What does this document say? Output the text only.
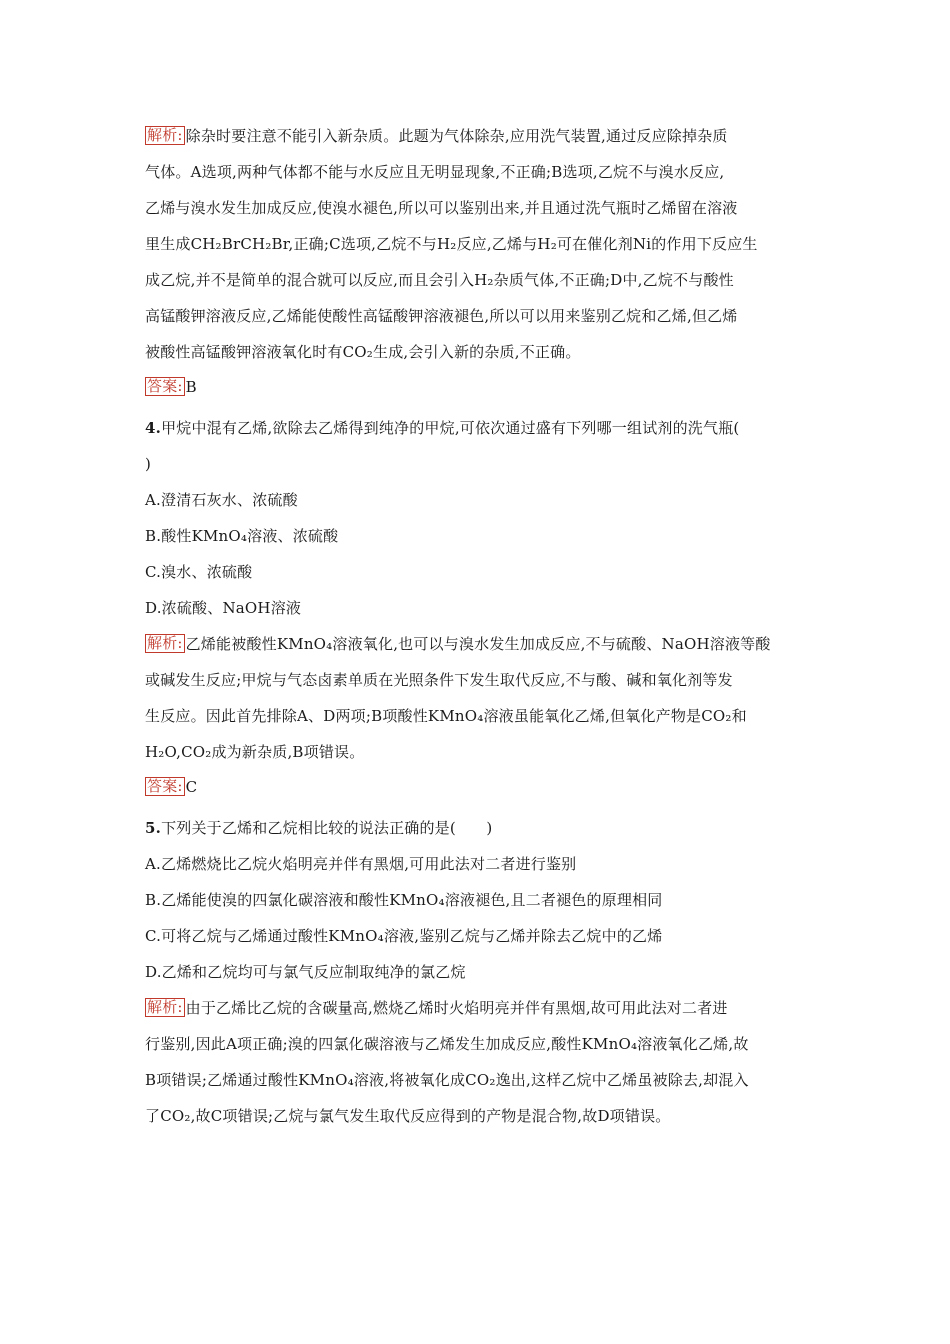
解析: 除杂时要注意不能引入新杂质。此题为气体除杂,应用洗气装置,通过反应除掉杂质
气体。A选项,两种气体都不能与水反应且无明显现象,不正确;B选项,乙烷不与溴水反应,
乙烯与溴水发生加成反应,使溴水褪色,所以可以鉴别出来,并且通过洗气瓶时乙烯留在溶液
里生成CH₂BrCH₂Br,正确;C选项,乙烷不与H₂反应,乙烯与H₂可在催化剂Ni的作用下反应生
成乙烷,并不是简单的混合就可以反应,而且会引入H₂杂质气体,不正确;D中,乙烷不与酸性
高锰酸钾溶液反应,乙烯能使酸性高锰酸钾溶液褪色,所以可以用来鉴别乙烷和乙烯,但乙烯
被酸性高锰酸钾溶液氧化时有CO₂生成,会引入新的杂质,不正确。
答案: B
4.甲烷中混有乙烯,欲除去乙烯得到纯净的甲烷,可依次通过盛有下列哪一组试剂的洗气瓶(
)
A.澄清石灰水、浓硫酸
B.酸性KMnO₄溶液、浓硫酸
C.溴水、浓硫酸
D.浓硫酸、NaOH溶液
解析: 乙烯能被酸性KMnO₄溶液氧化,也可以与溴水发生加成反应,不与硫酸、NaOH溶液等酸
或碱发生反应;甲烷与气态卤素单质在光照条件下发生取代反应,不与酸、碱和氧化剂等发
生反应。因此首先排除A、D两项;B项酸性KMnO₄溶液虽能氧化乙烯,但氧化产物是CO₂和
H₂O,CO₂成为新杂质,B项错误。
答案: C
5.下列关于乙烯和乙烷相比较的说法正确的是(　　)
A.乙烯燃烧比乙烷火焰明亮并伴有黑烟,可用此法对二者进行鉴别
B.乙烯能使溴的四氯化碳溶液和酸性KMnO₄溶液褪色,且二者褪色的原理相同
C.可将乙烷与乙烯通过酸性KMnO₄溶液,鉴别乙烷与乙烯并除去乙烷中的乙烯
D.乙烯和乙烷均可与氯气反应制取纯净的氯乙烷
解析: 由于乙烯比乙烷的含碳量高,燃烧乙烯时火焰明亮并伴有黑烟,故可用此法对二者进
行鉴别,因此A项正确;溴的四氯化碳溶液与乙烯发生加成反应,酸性KMnO₄溶液氧化乙烯,故
B项错误;乙烯通过酸性KMnO₄溶液,将被氧化成CO₂逸出,这样乙烷中乙烯虽被除去,却混入
了CO₂,故C项错误;乙烷与氯气发生取代反应得到的产物是混合物,故D项错误。
